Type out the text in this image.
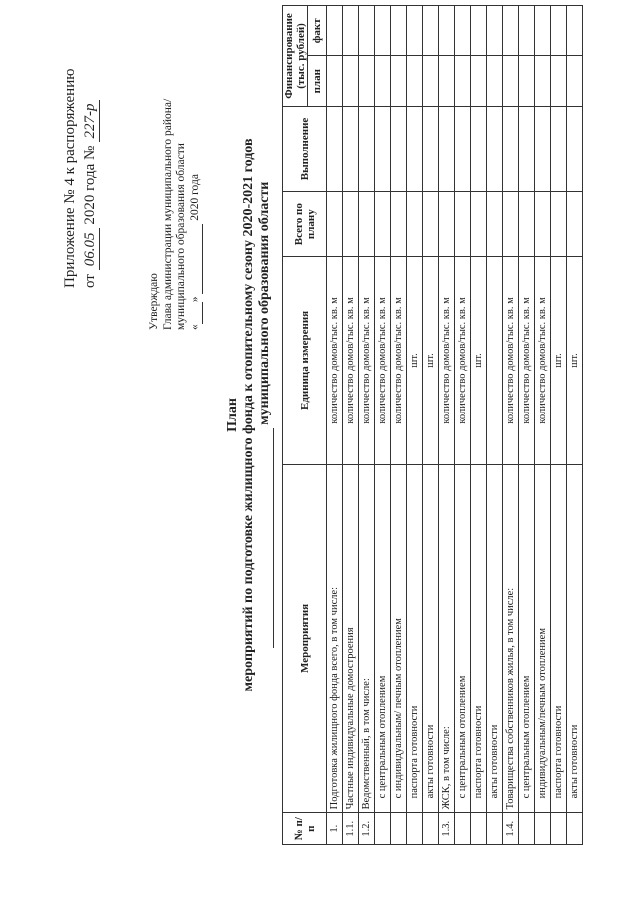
Приложение № 4 к распоряжению от 06.05 2020 года № 227-р
Утверждаю Глава администрации муниципального района/ муниципального образования области « »   2020 года
План мероприятий по подготовке жилищного фонда к отопительному сезону 2020-2021 годов муниципального образования области
№ п/п	Мероприятия	Единица измерения	Всего по плану	Выполнение	Финансирование (тыс. рублей)	
					план	факт
1.	Подготовка жилищного фонда всего, в том числе:	количество домов/тыс. кв. м				
1.1.	Частные индивидуальные домостроения	количество домов/тыс. кв. м				
1.2.	Ведомственный, в том числе:	количество домов/тыс. кв. м				
	с центральным отоплением	количество домов/тыс. кв. м				
	с индивидуальным/ печным отоплением	количество домов/тыс. кв. м				
	паспорта готовности	шт.				
	акты готовности	шт.				
1.3.	ЖСК, в том числе:	количество домов/тыс. кв. м				
	с центральным отоплением	количество домов/тыс. кв. м				
	паспорта готовности	шт.				
	акты готовности					
1.4.	Товарищества собственников жилья, в том числе:	количество домов/тыс. кв. м				
	с центральным отоплением	количество домов/тыс. кв. м				
	индивидуальным/печным отоплением	количество домов/тыс. кв. м				
	паспорта готовности	шт.				
	акты готовности	шт.				
